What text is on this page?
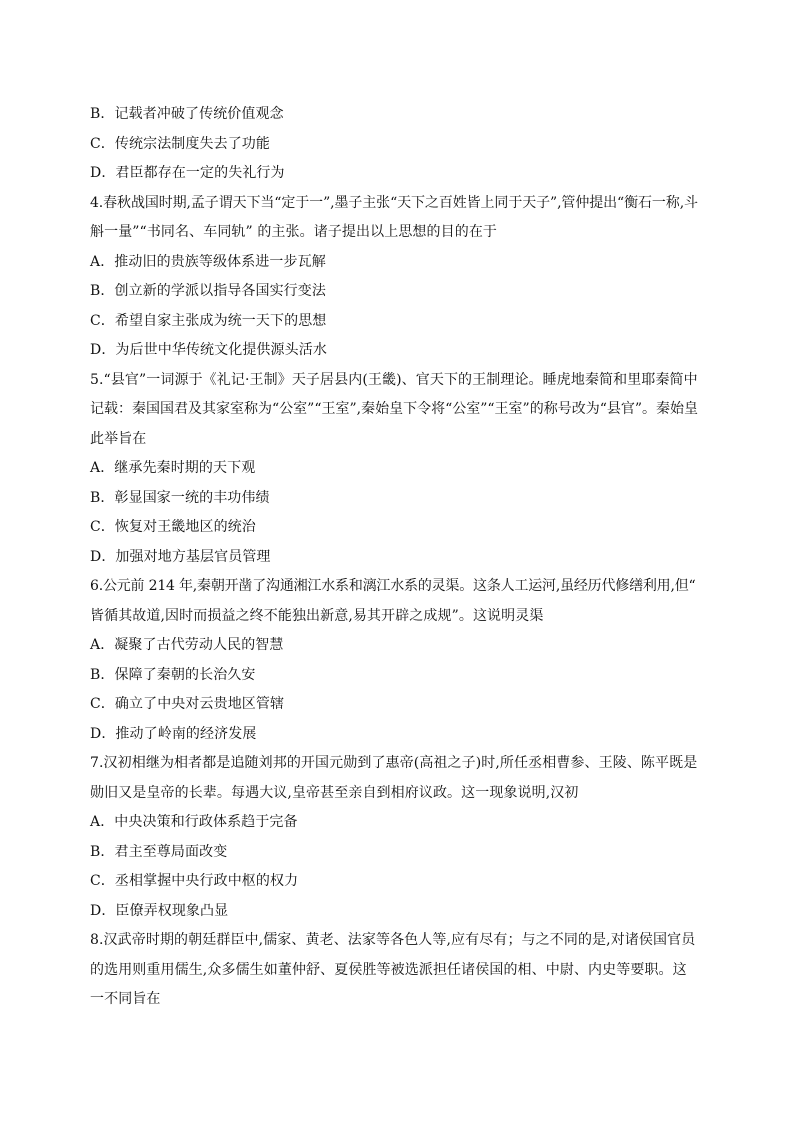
B．记载者冲破了传统价值观念
C．传统宗法制度失去了功能
D．君臣都存在一定的失礼行为
4.春秋战国时期,孟子谓天下当“定于一”,墨子主张“天下之百姓皆上同于天子”,管仲提出“衡石一称,斗
斛一量”“书同名、车同轨” 的主张。诸子提出以上思想的目的在于
A．推动旧的贵族等级体系进一步瓦解
B．创立新的学派以指导各国实行变法
C．希望自家主张成为统一天下的思想
D．为后世中华传统文化提供源头活水
5.“县官”一词源于《礼记·王制》天子居县内(王畿)、官天下的王制理论。睡虎地秦简和里耶秦简中
记载：秦国国君及其家室称为“公室”“王室”,秦始皇下令将“公室”“王室”的称号改为“县官”。秦始皇
此举旨在
A．继承先秦时期的天下观
B．彰显国家一统的丰功伟绩
C．恢复对王畿地区的统治
D．加强对地方基层官员管理
6.公元前 214 年,秦朝开凿了沟通湘江水系和漓江水系的灵渠。这条人工运河,虽经历代修缮利用,但“
皆循其故道,因时而损益之终不能独出新意,易其开辟之成规”。这说明灵渠
A．凝聚了古代劳动人民的智慧
B．保障了秦朝的长治久安
C．确立了中央对云贵地区管辖
D．推动了岭南的经济发展
7.汉初相继为相者都是追随刘邦的开国元勋到了惠帝(高祖之子)时,所任丞相曹参、王陵、陈平既是
勋旧又是皇帝的长辈。每遇大议,皇帝甚至亲自到相府议政。这一现象说明,汉初
A．中央决策和行政体系趋于完备
B．君主至尊局面改变
C．丞相掌握中央行政中枢的权力
D．臣僚弄权现象凸显
8.汉武帝时期的朝廷群臣中,儒家、黄老、法家等各色人等,应有尽有；与之不同的是,对诸侯国官员
的选用则重用儒生,众多儒生如董仲舒、夏侯胜等被选派担任诸侯国的相、中尉、内史等要职。这
一不同旨在
